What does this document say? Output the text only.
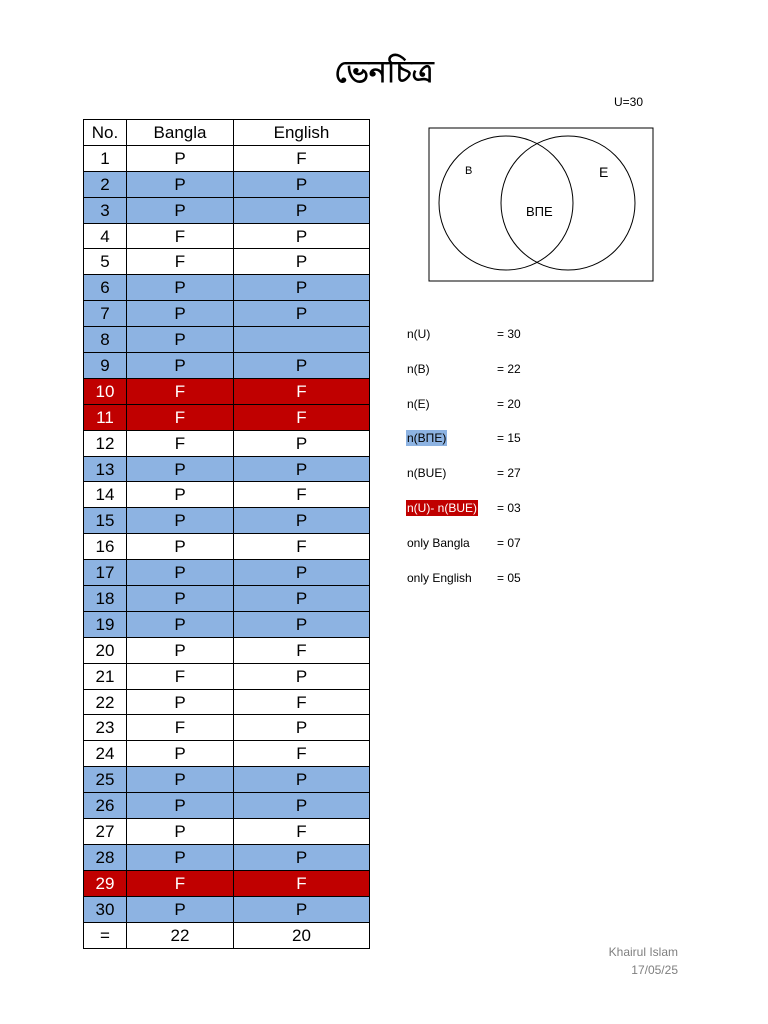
ভেনচিত্র
U=30
No.	Bangla	English
1	P	F
2	P	P
3	P	P
4	F	P
5	F	P
6	P	P
7	P	P
8	P	
9	P	P
10	F	F
11	F	F
12	F	P
13	P	P
14	P	F
15	P	P
16	P	F
17	P	P
18	P	P
19	P	P
20	P	F
21	F	P
22	P	F
23	F	P
24	P	F
25	P	P
26	P	P
27	P	F
28	P	P
29	F	F
30	P	P
=	22	20
B	E
BΠE
n(U)	= 30
n(B)	= 22
n(E)	= 20
n(BΠE)	= 15
n(BUE)	= 27
n(U)- n(BUE) = 03
only Bangla = 07
only English = 05
Khairul Islam
17/05/25
